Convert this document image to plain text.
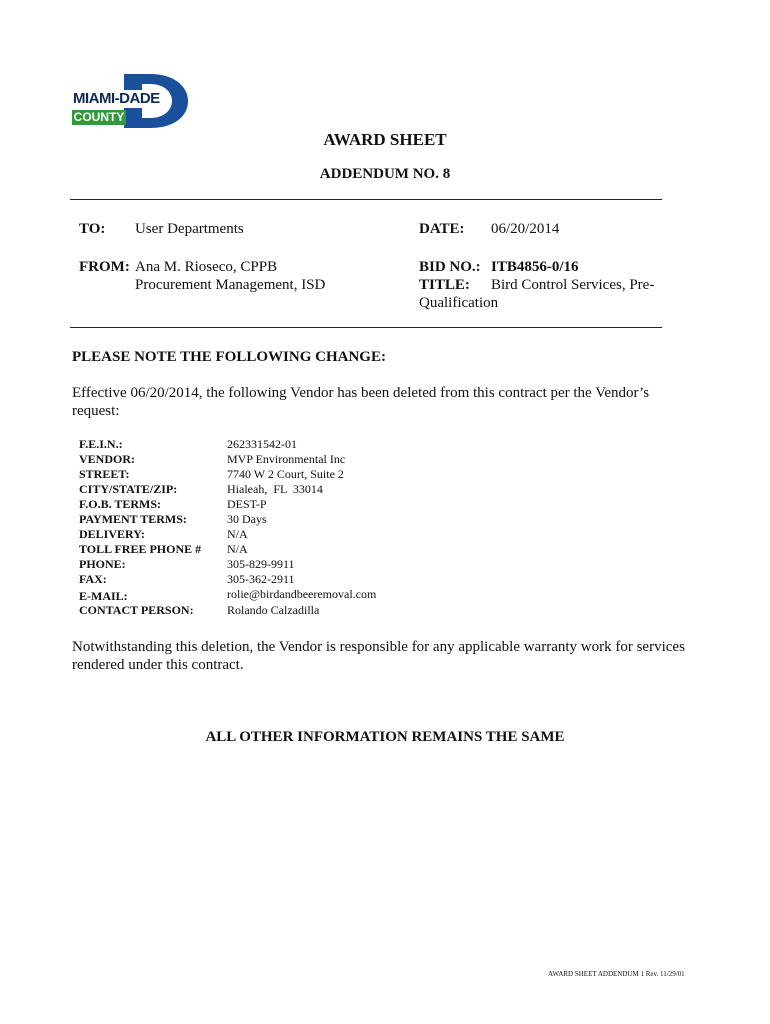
MIAMI-DADE
COUNTY
AWARD SHEET
ADDENDUM NO. 8
TO: User Departments
FROM: Ana M. Rioseco, CPPB
Procurement Management, ISD
DATE: 06/20/2014
BID NO.: ITB4856-0/16
TITLE: Bird Control Services, Pre-
Qualification
PLEASE NOTE THE FOLLOWING CHANGE:
Effective 06/20/2014, the following Vendor has been deleted from this contract per the Vendor’s
request:
F.E.I.N.:	262331542-01
VENDOR:	MVP Environmental Inc
STREET:	7740 W 2 Court, Suite 2
CITY/STATE/ZIP:	Hialeah,  FL  33014
F.O.B. TERMS:	DEST-P
PAYMENT TERMS:	30 Days
DELIVERY:	N/A
TOLL FREE PHONE # N/A
PHONE:	305-829-9911
FAX:	305-362-2911
E-MAIL:	rolie@birdandbeeremoval.com
CONTACT PERSON:	Rolando Calzadilla
Notwithstanding this deletion, the Vendor is responsible for any applicable warranty work for services
rendered under this contract.
ALL OTHER INFORMATION REMAINS THE SAME
AWARD SHEET ADDENDUM 1 Rev. 11/29/01
